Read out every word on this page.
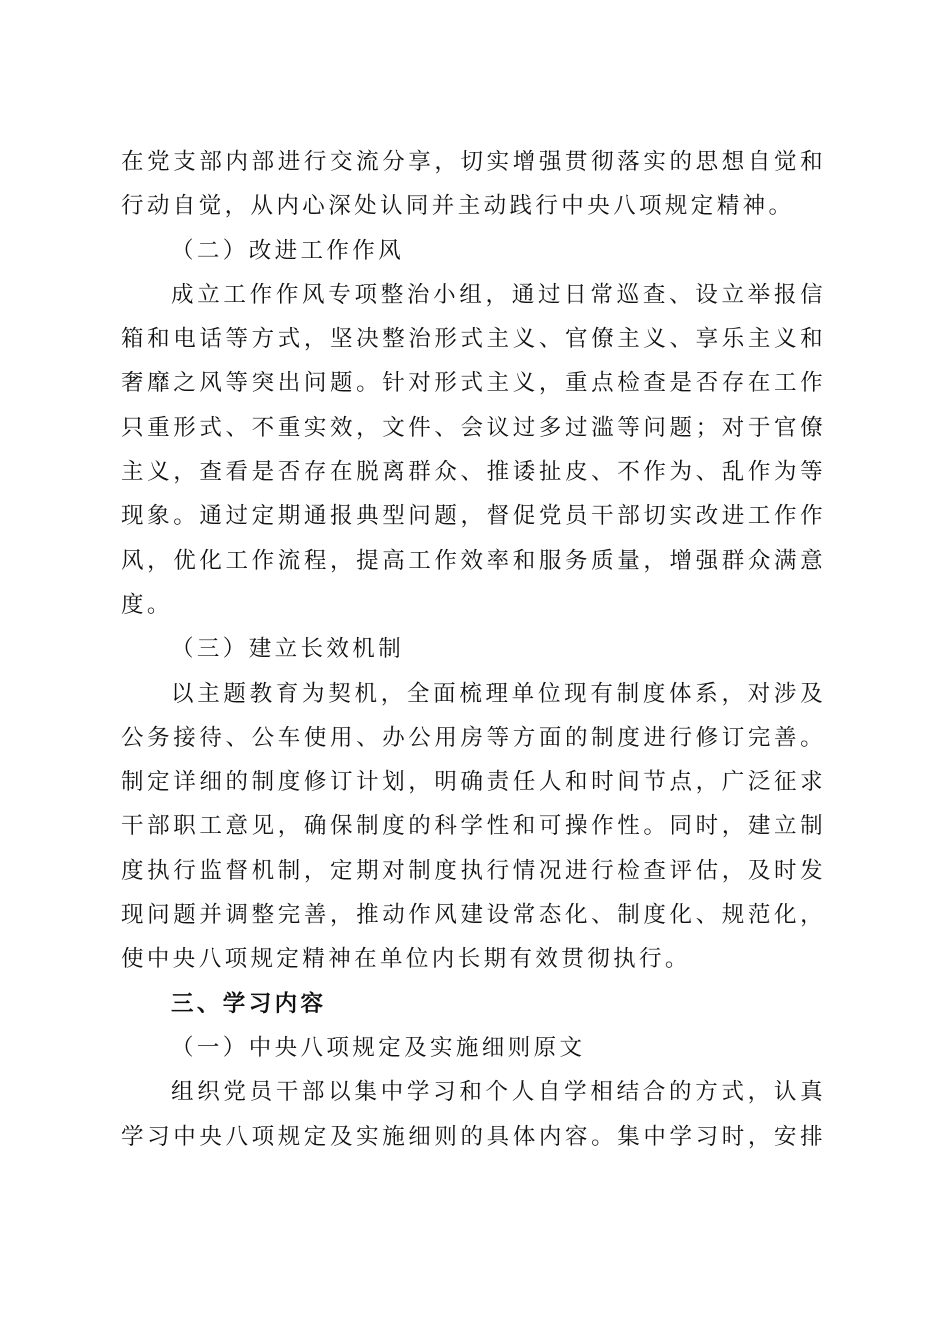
在党支部内部进行交流分享，切实增强贯彻落实的思想自觉和
行动自觉，从内心深处认同并主动践行中央八项规定精神。
（二）改进工作作风
成立工作作风专项整治小组，通过日常巡查、设立举报信
箱和电话等方式，坚决整治形式主义、官僚主义、享乐主义和
奢靡之风等突出问题。针对形式主义，重点检查是否存在工作
只重形式、不重实效，文件、会议过多过滥等问题；对于官僚
主义，查看是否存在脱离群众、推诿扯皮、不作为、乱作为等
现象。通过定期通报典型问题，督促党员干部切实改进工作作
风，优化工作流程，提高工作效率和服务质量，增强群众满意
度。
（三）建立长效机制
以主题教育为契机，全面梳理单位现有制度体系，对涉及
公务接待、公车使用、办公用房等方面的制度进行修订完善。
制定详细的制度修订计划，明确责任人和时间节点，广泛征求
干部职工意见，确保制度的科学性和可操作性。同时，建立制
度执行监督机制，定期对制度执行情况进行检查评估，及时发
现问题并调整完善，推动作风建设常态化、制度化、规范化，
使中央八项规定精神在单位内长期有效贯彻执行。
三、学习内容
（一）中央八项规定及实施细则原文
组织党员干部以集中学习和个人自学相结合的方式，认真
学习中央八项规定及实施细则的具体内容。集中学习时，安排
